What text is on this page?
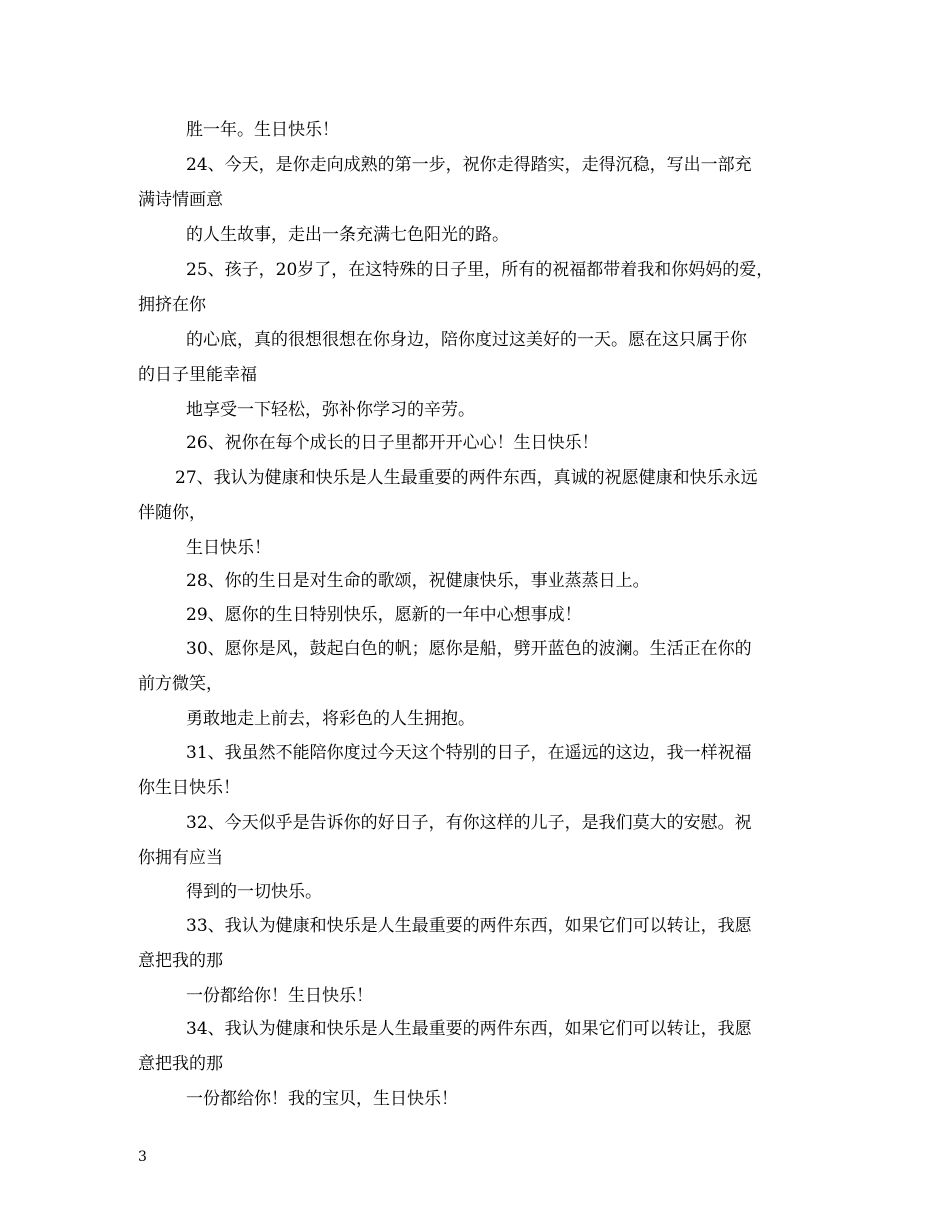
胜一年。生日快乐！
24、今天，是你走向成熟的第一步，祝你走得踏实，走得沉稳，写出一部充
满诗情画意
的人生故事，走出一条充满七色阳光的路。
25、孩子，20岁了，在这特殊的日子里，所有的祝福都带着我和你妈妈的爱，
拥挤在你
的心底，真的很想很想在你身边，陪你度过这美好的一天。愿在这只属于你
的日子里能幸福
地享受一下轻松，弥补你学习的辛劳。
26、祝你在每个成长的日子里都开开心心！生日快乐！
27、我认为健康和快乐是人生最重要的两件东西，真诚的祝愿健康和快乐永远
伴随你，
生日快乐！
28、你的生日是对生命的歌颂，祝健康快乐，事业蒸蒸日上。
29、愿你的生日特别快乐，愿新的一年中心想事成！
30、愿你是风，鼓起白色的帆；愿你是船，劈开蓝色的波澜。生活正在你的
前方微笑，
勇敢地走上前去，将彩色的人生拥抱。
31、我虽然不能陪你度过今天这个特别的日子，在遥远的这边，我一样祝福
你生日快乐！
32、今天似乎是告诉你的好日子，有你这样的儿子，是我们莫大的安慰。祝
你拥有应当
得到的一切快乐。
33、我认为健康和快乐是人生最重要的两件东西，如果它们可以转让，我愿
意把我的那
一份都给你！生日快乐！
34、我认为健康和快乐是人生最重要的两件东西，如果它们可以转让，我愿
意把我的那
一份都给你！我的宝贝，生日快乐！
3
